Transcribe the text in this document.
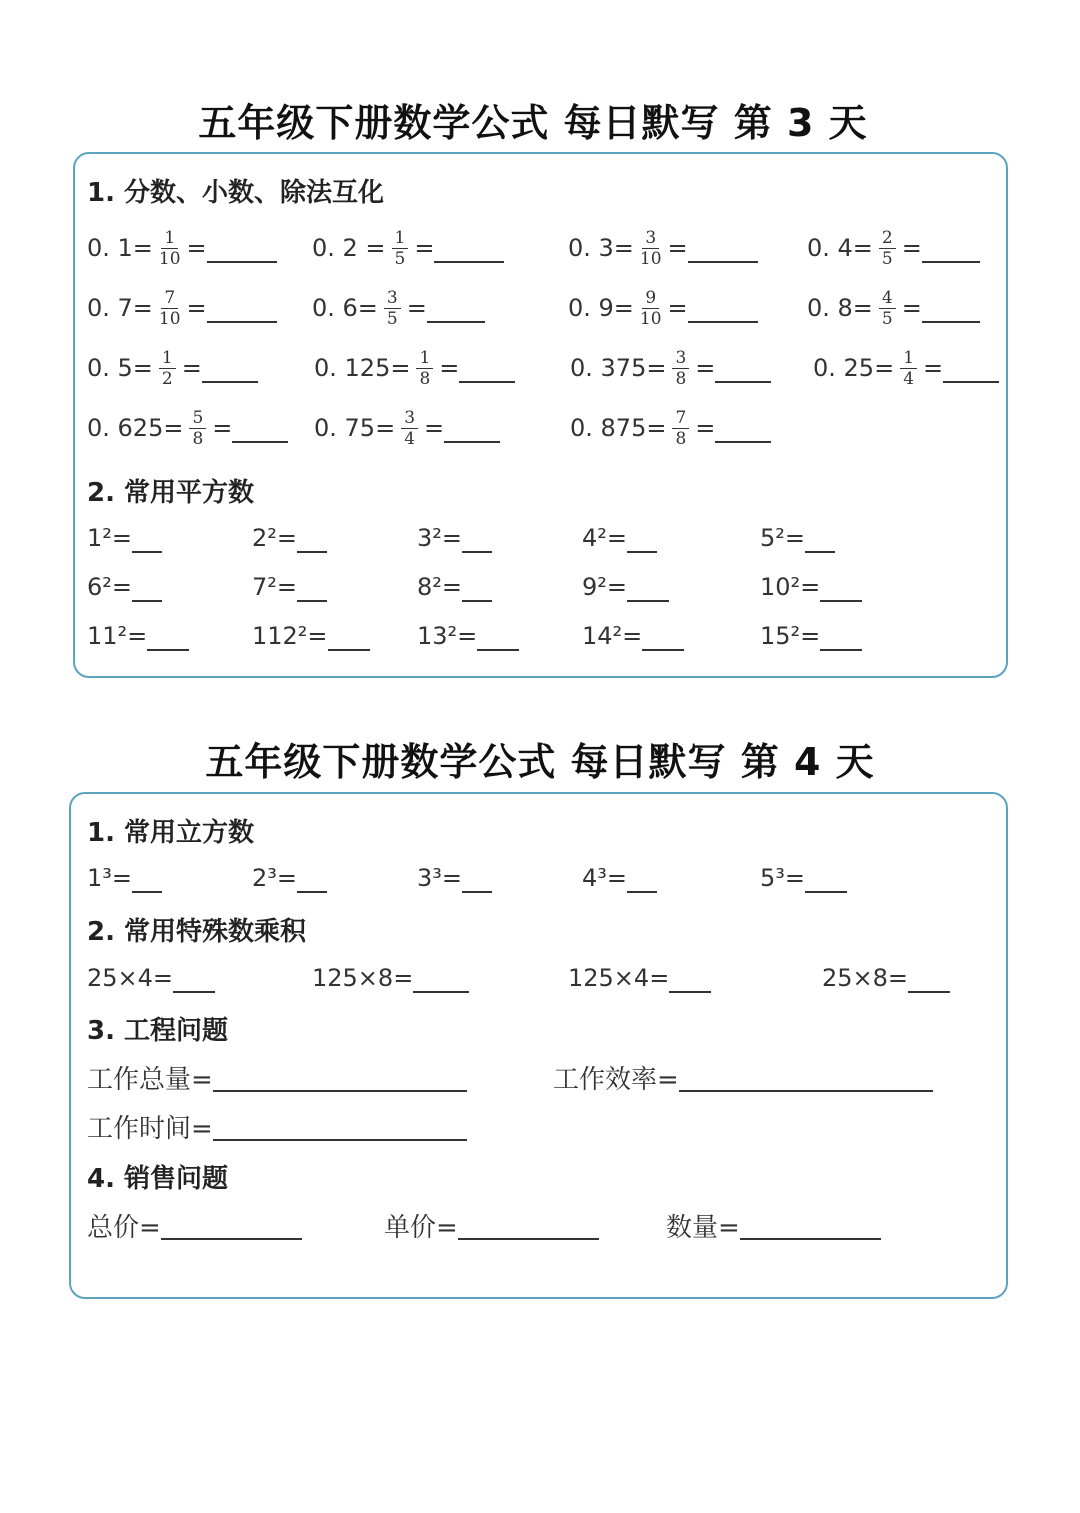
五年级下册数学公式 每日默写 第 3 天
1. 分数、小数、除法互化
0. $1= \frac{1}{10}$ =	0. $2 = \frac{1}{5}$ =	0. $3= \frac{3}{10}$ =	0. $4= \frac{2}{5}$ =
0. $7= \frac{7}{10}$ =	0. $6= \frac{3}{5}$ =	0. $9= \frac{9}{10}$ =	0. $8= \frac{4}{5}$ =
0. $5= \frac{1}{2}$ =	0. $125= \frac{1}{8}$ =	0. $375= \frac{3}{8}$ =	0. $25= \frac{1}{4}$ =
0. $625= \frac{5}{8}$ =	0. $75= \frac{3}{4}$ =	0. $875= \frac{7}{8}$ =
2. 常用平方数
1²=	2²=	3²=	4²=	5²=
6²=	7²=	8²=	9²=	10²=
11²=	112²=	13²=	14²=	15²=
五年级下册数学公式 每日默写 第 4 天
1. 常用立方数
1³=	2³=	3³=	4³=	5³=
2. 常用特殊数乘积
25×4=	125×8=	125×4=	25×8=
3. 工程问题
工作总量=	工作效率=
工作时间=
4. 销售问题
总价=	单价=	数量=
